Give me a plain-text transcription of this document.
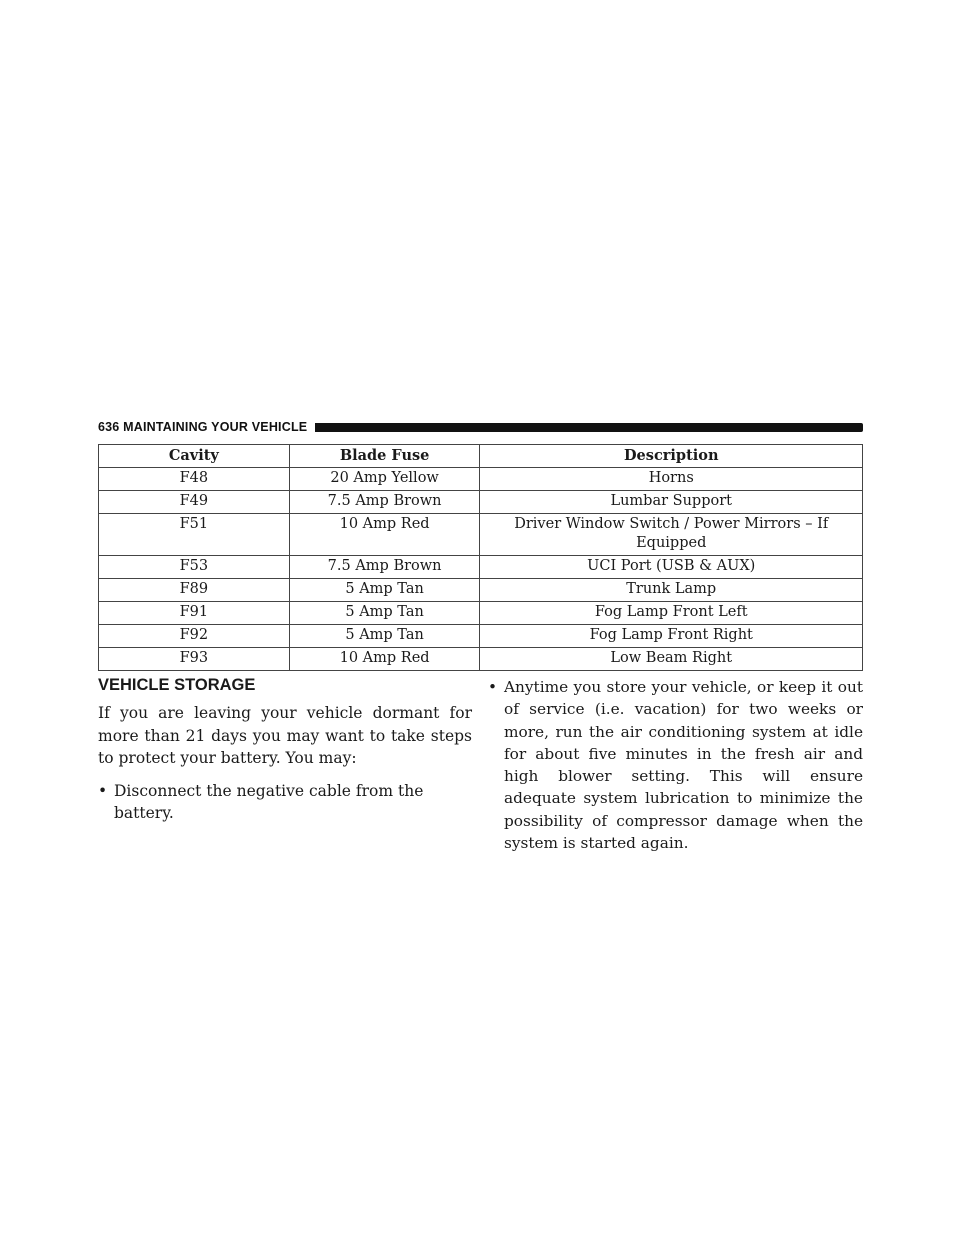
636 MAINTAINING YOUR VEHICLE
Cavity	Blade Fuse	Description
F48	20 Amp Yellow	Horns
F49	7.5 Amp Brown	Lumbar Support
F51	10 Amp Red	Driver Window Switch / Power Mirrors – If Equipped
F53	7.5 Amp Brown	UCI Port (USB & AUX)
F89	5 Amp Tan	Trunk Lamp
F91	5 Amp Tan	Fog Lamp Front Left
F92	5 Amp Tan	Fog Lamp Front Right
F93	10 Amp Red	Low Beam Right
VEHICLE STORAGE

If you are leaving your vehicle dormant for more than 21 days you may want to take steps to protect your battery. You may:

• Disconnect the negative cable from the battery.
• Anytime you store your vehicle, or keep it out of service (i.e. vacation) for two weeks or more, run the air conditioning system at idle for about five minutes in the fresh air and high blower setting. This will ensure adequate system lubrication to minimize the possibility of compressor damage when the system is started again.
